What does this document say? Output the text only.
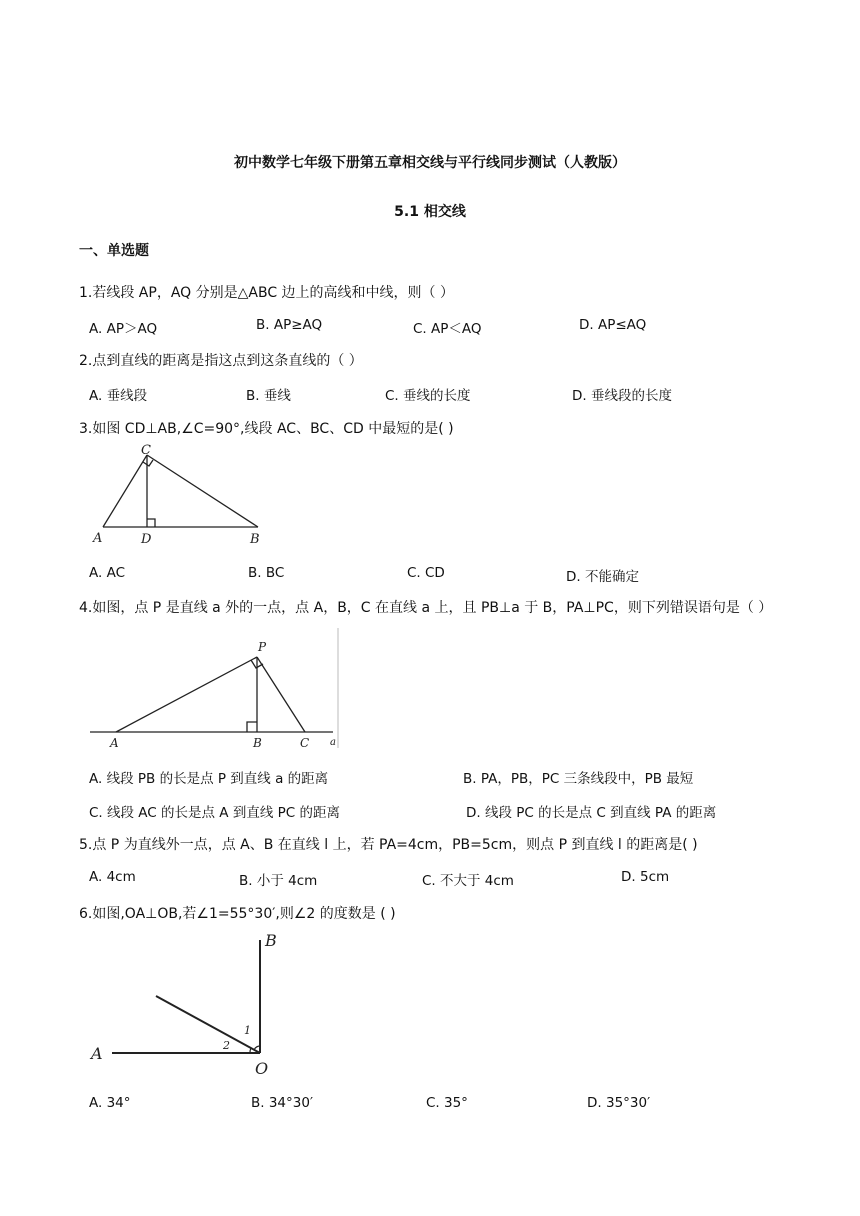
初中数学七年级下册第五章相交线与平行线同步测试（人教版）
5.1 相交线
一、单选题
1.若线段 AP，AQ 分别是△ABC 边上的高线和中线，则（ ）
A. AP＞AQ	B. AP≥AQ	C. AP＜AQ	D. AP≤AQ
2.点到直线的距离是指这点到这条直线的（ ）
A. 垂线段	B. 垂线	C. 垂线的长度	D. 垂线段的长度
3.如图 CD⊥AB,∠C=90°,线段 AC、BC、CD 中最短的是( )
C
A	D	B
A. AC	B. BC	C. CD	D. 不能确定
4.如图，点 P 是直线 a 外的一点，点 A，B，C 在直线 a 上，且 PB⊥a 于 B，PA⊥PC，则下列错误语句是（ ）
P
A	B	C a
A. 线段 PB 的长是点 P 到直线 a 的距离	B. PA，PB，PC 三条线段中，PB 最短
C. 线段 AC 的长是点 A 到直线 PC 的距离	D. 线段 PC 的长是点 C 到直线 PA 的距离
5.点 P 为直线外一点，点 A、B 在直线 l 上，若 PA=4cm，PB=5cm，则点 P 到直线 l 的距离是( )
A. 4cm	B. 小于 4cm	C. 不大于 4cm	D. 5cm
6.如图,OA⊥OB,若∠1=55°30′,则∠2 的度数是 ( )
B
A
O
1
2
A. 34°	B. 34°30′	C. 35°	D. 35°30′
